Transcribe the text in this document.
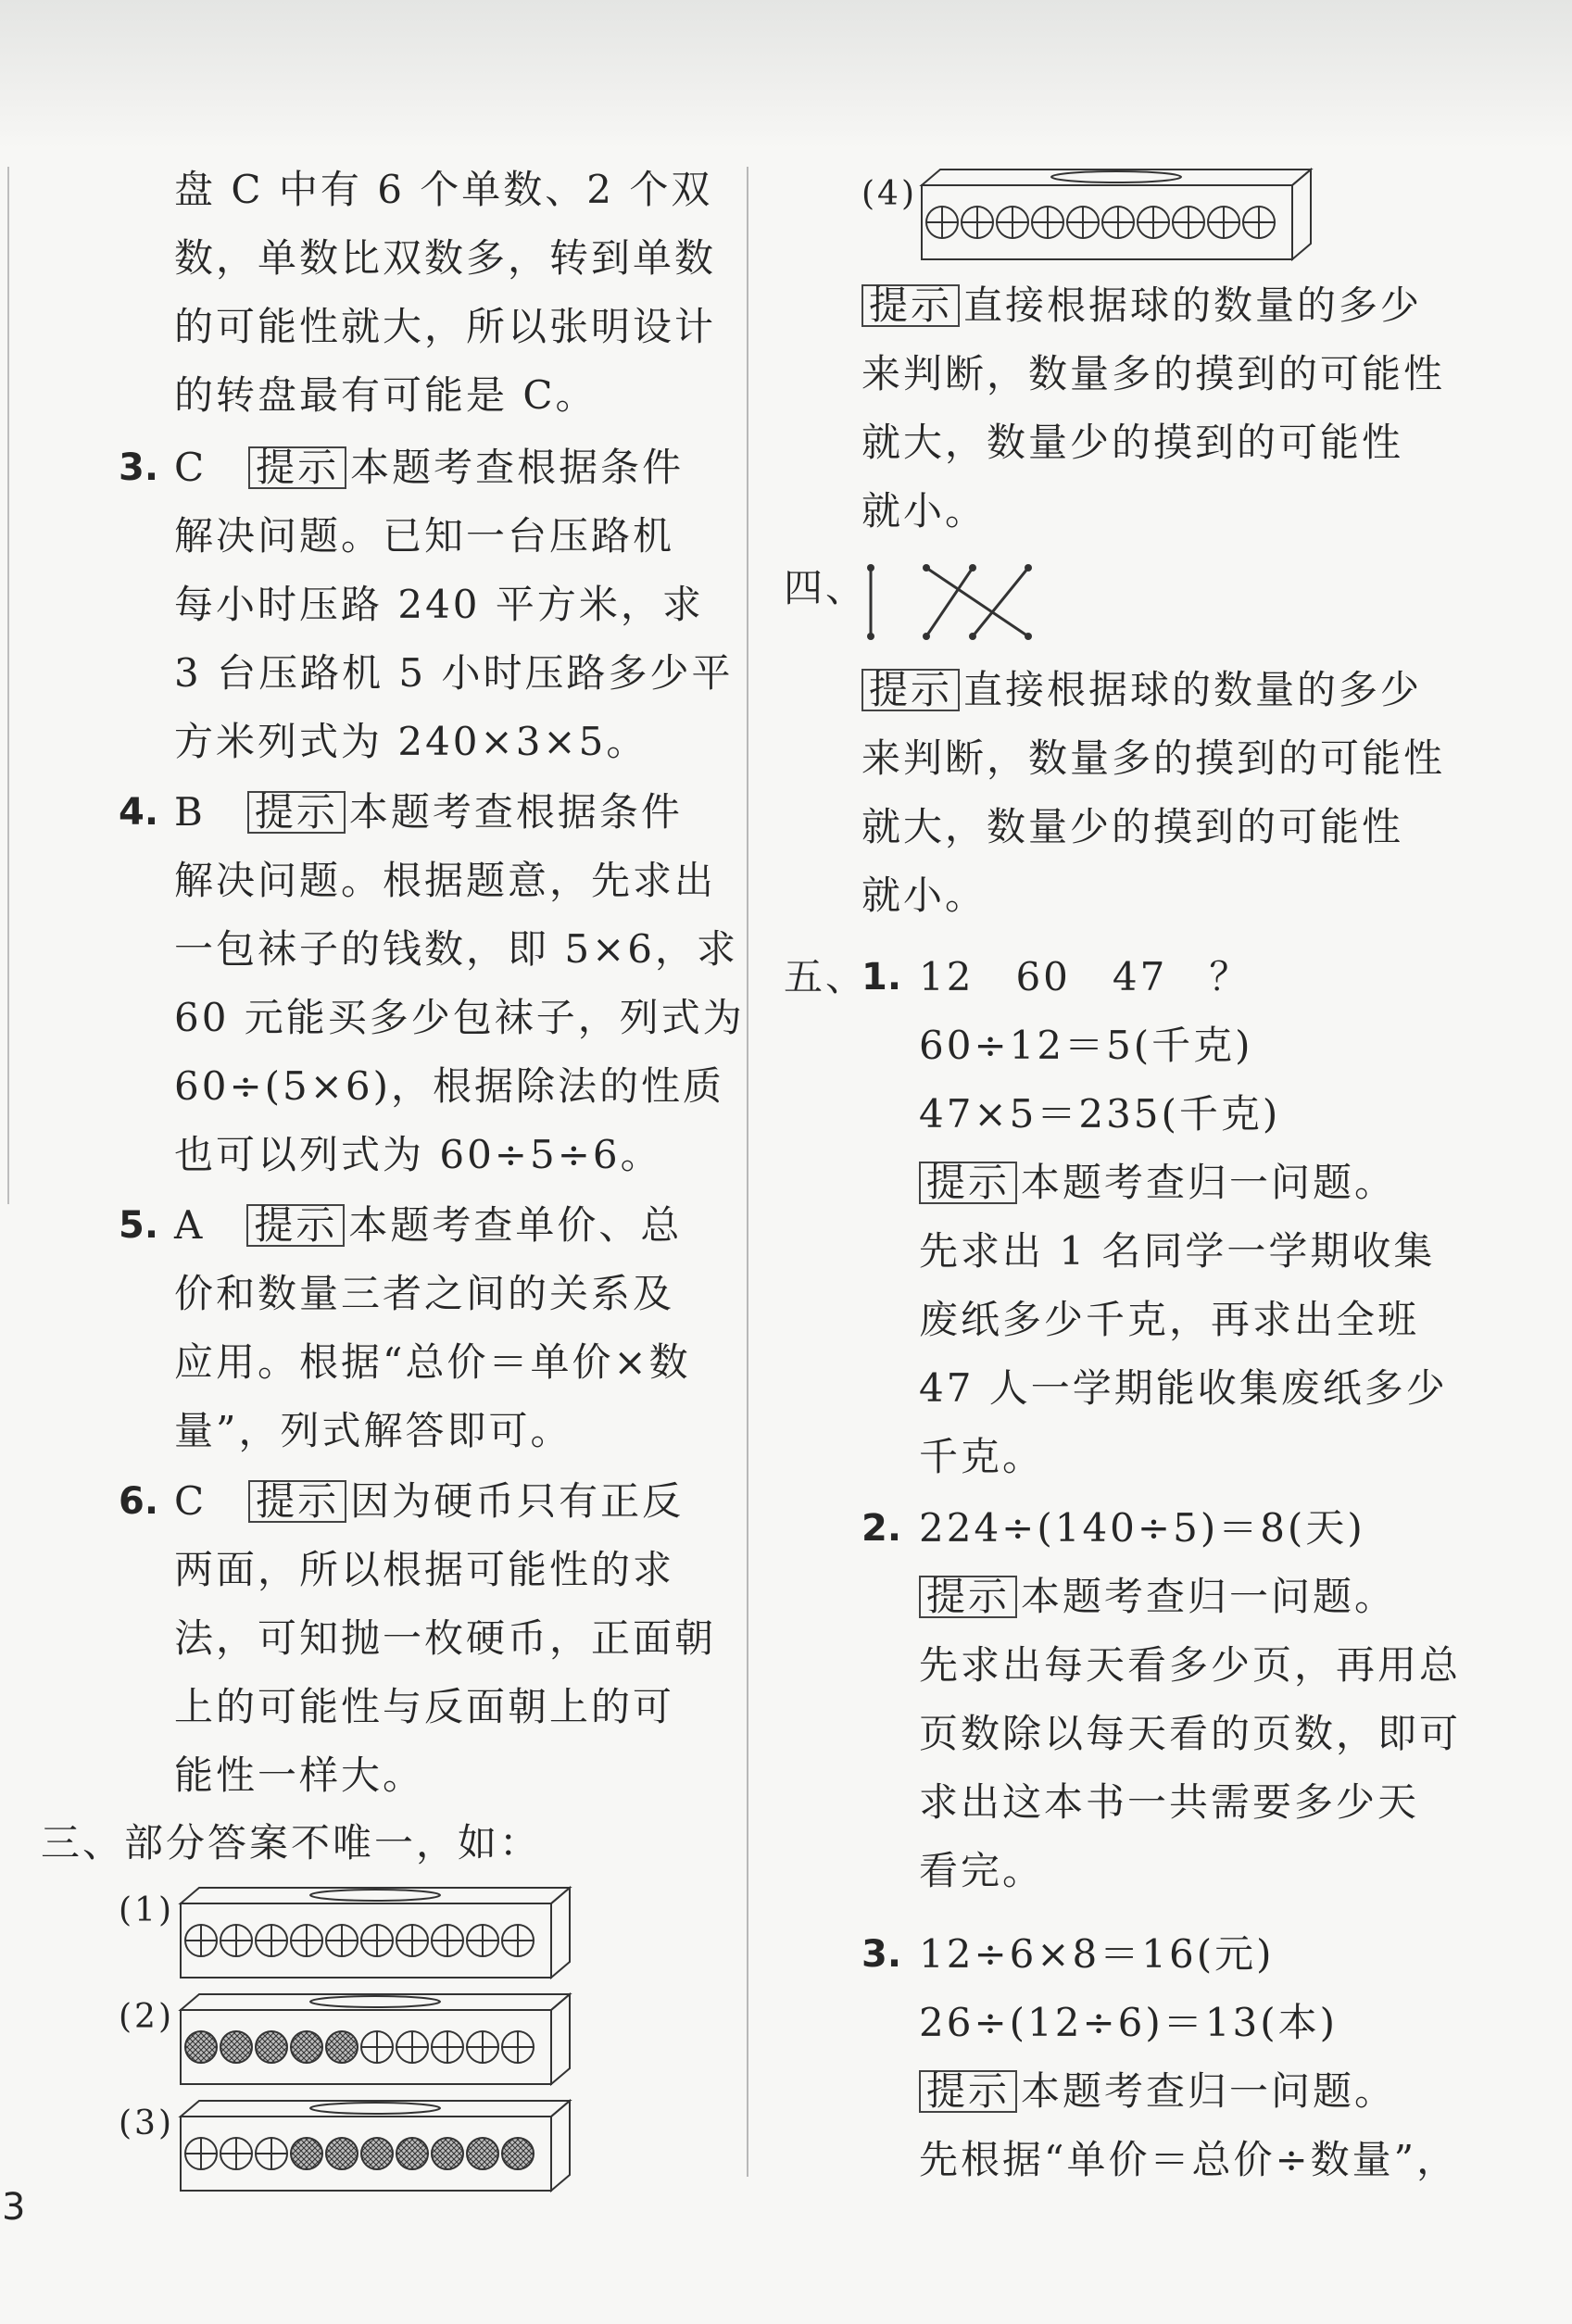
盘 C 中有 6 个单数、2 个双
数，单数比双数多，转到单数
的可能性就大，所以张明设计
的转盘最有可能是 C。
3. C　 提示 本题考查根据条件
解决问题。已知一台压路机
每小时压路 240 平方米，求
3 台压路机 5 小时压路多少平
方米列式为 240×3×5。
4. B　 提示 本题考查根据条件
解决问题。根据题意，先求出
一包袜子的钱数，即 5×6，求
60 元能买多少包袜子，列式为
60÷(5×6)，根据除法的性质
也可以列式为 60÷5÷6。
5. A　 提示 本题考查单价、总
价和数量三者之间的关系及
应用。根据“总价＝单价×数
量”，列式解答即可。
6. C　 提示 因为硬币只有正反
两面，所以根据可能性的求
法，可知抛一枚硬币，正面朝
上的可能性与反面朝上的可
能性一样大。
三、部分答案不唯一，如：
(1)
(2)
(3)
(4)
提示 直接根据球的数量的多少
来判断，数量多的摸到的可能性
就大，数量少的摸到的可能性
就小。
四、
提示 直接根据球的数量的多少
来判断，数量多的摸到的可能性
就大，数量少的摸到的可能性
就小。
五、
1. 12　60　47　？
60÷12＝5(千克)
47×5＝235(千克)
提示 本题考查归一问题。
先求出 1 名同学一学期收集
废纸多少千克，再求出全班
47 人一学期能收集废纸多少
千克。
2. 224÷(140÷5)＝8(天)
提示 本题考查归一问题。
先求出每天看多少页，再用总
页数除以每天看的页数，即可
求出这本书一共需要多少天
看完。
3. 12÷6×8＝16(元)
26÷(12÷6)＝13(本)
提示 本题考查归一问题。
先根据“单价＝总价÷数量”，
3
